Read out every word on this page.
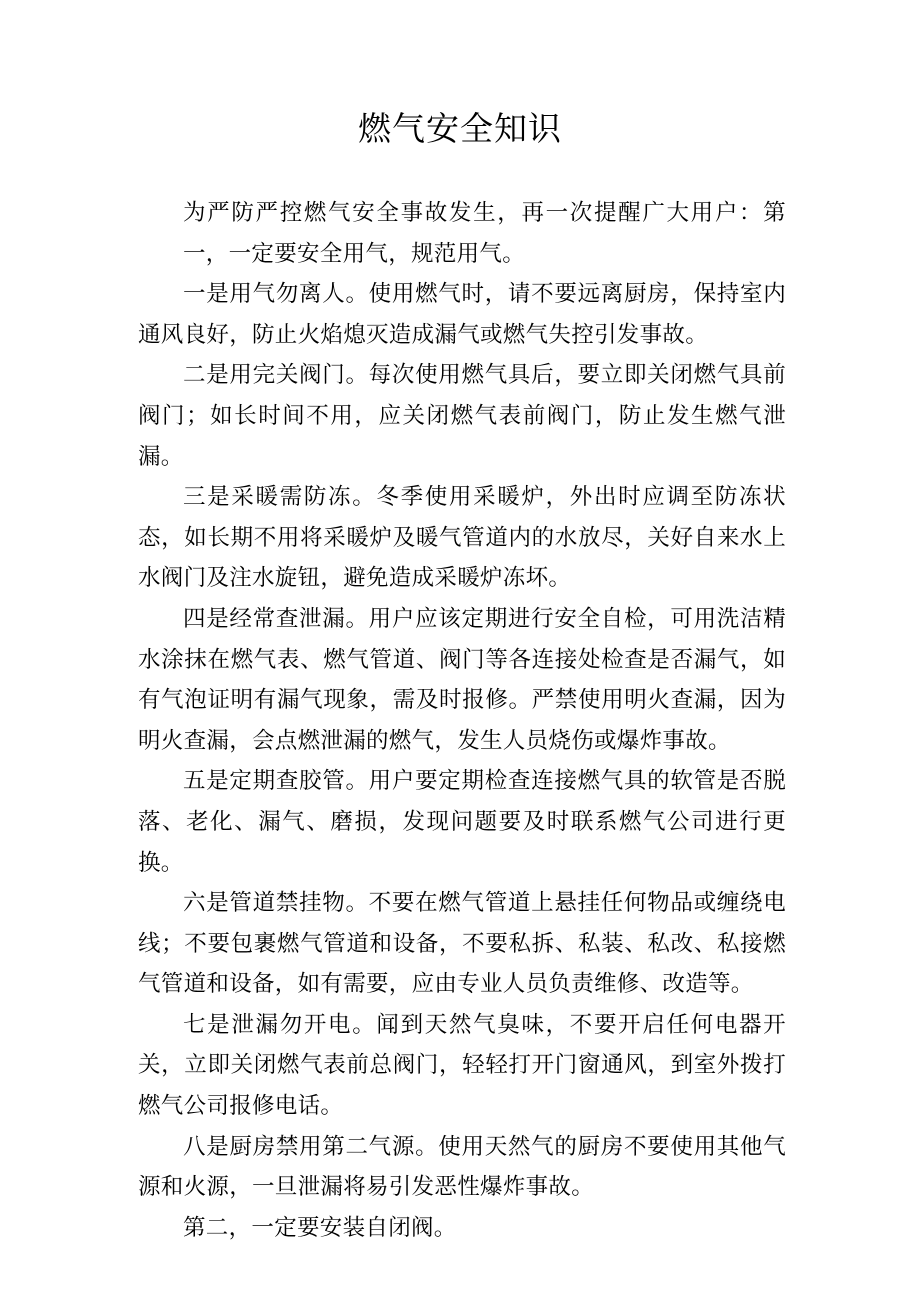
燃气安全知识

为严防严控燃气安全事故发生，再一次提醒广大用户：第一，一定要安全用气，规范用气。

一是用气勿离人。使用燃气时，请不要远离厨房，保持室内通风良好，防止火焰熄灭造成漏气或燃气失控引发事故。

二是用完关阀门。每次使用燃气具后，要立即关闭燃气具前阀门；如长时间不用，应关闭燃气表前阀门，防止发生燃气泄漏。

三是采暖需防冻。冬季使用采暖炉，外出时应调至防冻状态，如长期不用将采暖炉及暖气管道内的水放尽，关好自来水上水阀门及注水旋钮，避免造成采暖炉冻坏。

四是经常查泄漏。用户应该定期进行安全自检，可用洗洁精水涂抹在燃气表、燃气管道、阀门等各连接处检查是否漏气，如有气泡证明有漏气现象，需及时报修。严禁使用明火查漏，因为明火查漏，会点燃泄漏的燃气，发生人员烧伤或爆炸事故。

五是定期查胶管。用户要定期检查连接燃气具的软管是否脱落、老化、漏气、磨损，发现问题要及时联系燃气公司进行更换。

六是管道禁挂物。不要在燃气管道上悬挂任何物品或缠绕电线；不要包裹燃气管道和设备，不要私拆、私装、私改、私接燃气管道和设备，如有需要，应由专业人员负责维修、改造等。

七是泄漏勿开电。闻到天然气臭味，不要开启任何电器开关，立即关闭燃气表前总阀门，轻轻打开门窗通风，到室外拨打燃气公司报修电话。

八是厨房禁用第二气源。使用天然气的厨房不要使用其他气源和火源，一旦泄漏将易引发恶性爆炸事故。

第二，一定要安装自闭阀。
